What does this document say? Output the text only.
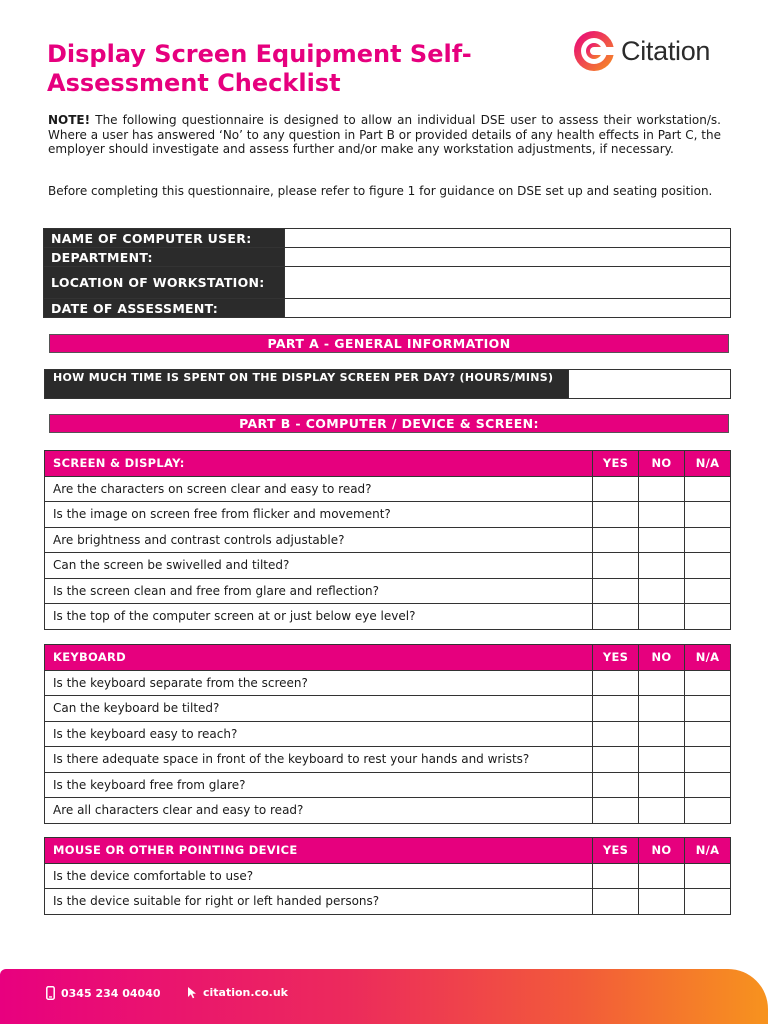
Display Screen Equipment Self-Assessment Checklist
Citation
NOTE! The following questionnaire is designed to allow an individual DSE user to assess their workstation/s. Where a user has answered ‘No’ to any question in Part B or provided details of any health effects in Part C, the employer should investigate and assess further and/or make any workstation adjustments, if necessary.
Before completing this questionnaire, please refer to figure 1 for guidance on DSE set up and seating position.
NAME OF COMPUTER USER:	
DEPARTMENT:	
LOCATION OF WORKSTATION:	
DATE OF ASSESSMENT:	
PART A - GENERAL INFORMATION
HOW MUCH TIME IS SPENT ON THE DISPLAY SCREEN PER DAY? (HOURS/MINS)
PART B - COMPUTER / DEVICE & SCREEN:
SCREEN & DISPLAY:	YES	NO	N/A
Are the characters on screen clear and easy to read?			
Is the image on screen free from flicker and movement?			
Are brightness and contrast controls adjustable?			
Can the screen be swivelled and tilted?			
Is the screen clean and free from glare and reflection?			
Is the top of the computer screen at or just below eye level?			
KEYBOARD	YES	NO	N/A
Is the keyboard separate from the screen?			
Can the keyboard be tilted?			
Is the keyboard easy to reach?			
Is there adequate space in front of the keyboard to rest your hands and wrists?			
Is the keyboard free from glare?			
Are all characters clear and easy to read?			
MOUSE OR OTHER POINTING DEVICE	YES	NO	N/A
Is the device comfortable to use?			
Is the device suitable for right or left handed persons?			
0345 234 04040	citation.co.uk
